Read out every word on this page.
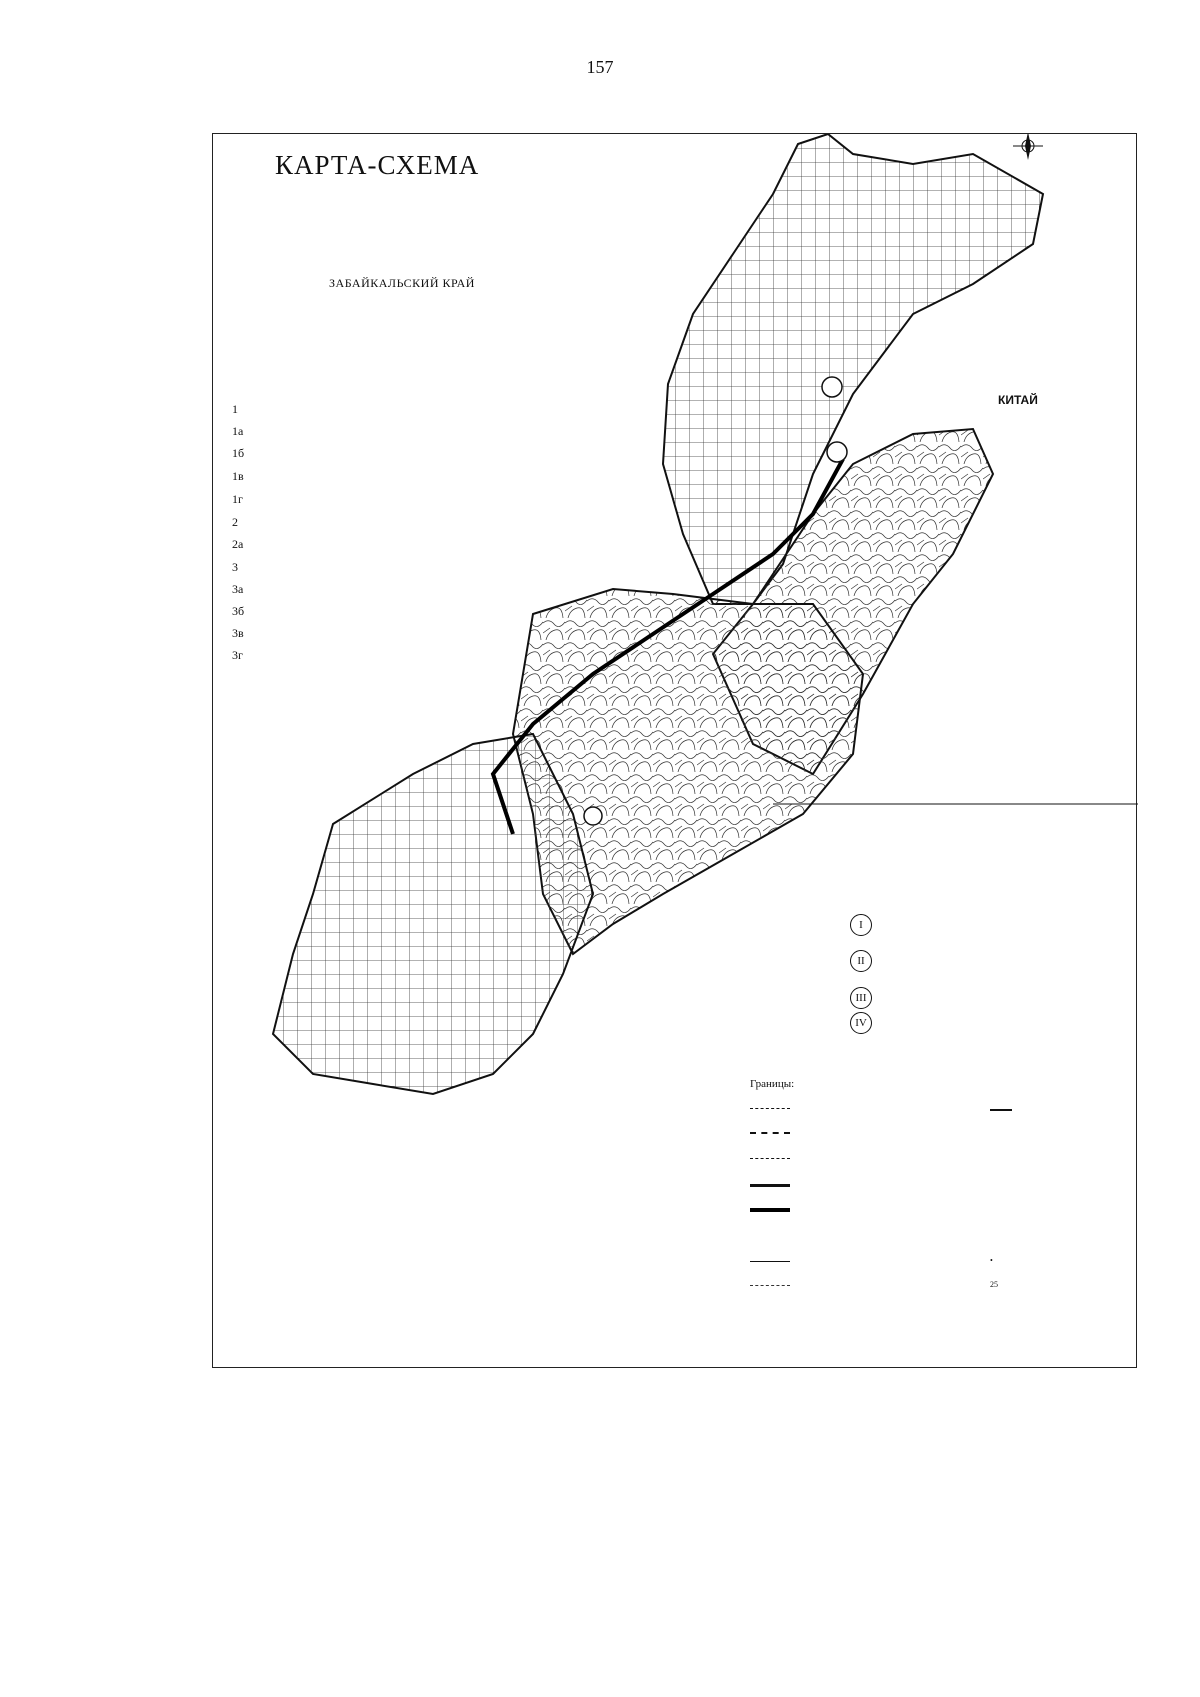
157
КАРТА-СХЕМА
ЗАБАЙКАЛЬСКИЙ КРАЙ
1
1а
1б
1в
1г
2
2а
3
3а
3б
3в
3г
КИТАЙ
I
II
III
IV
Границы:
•
25
